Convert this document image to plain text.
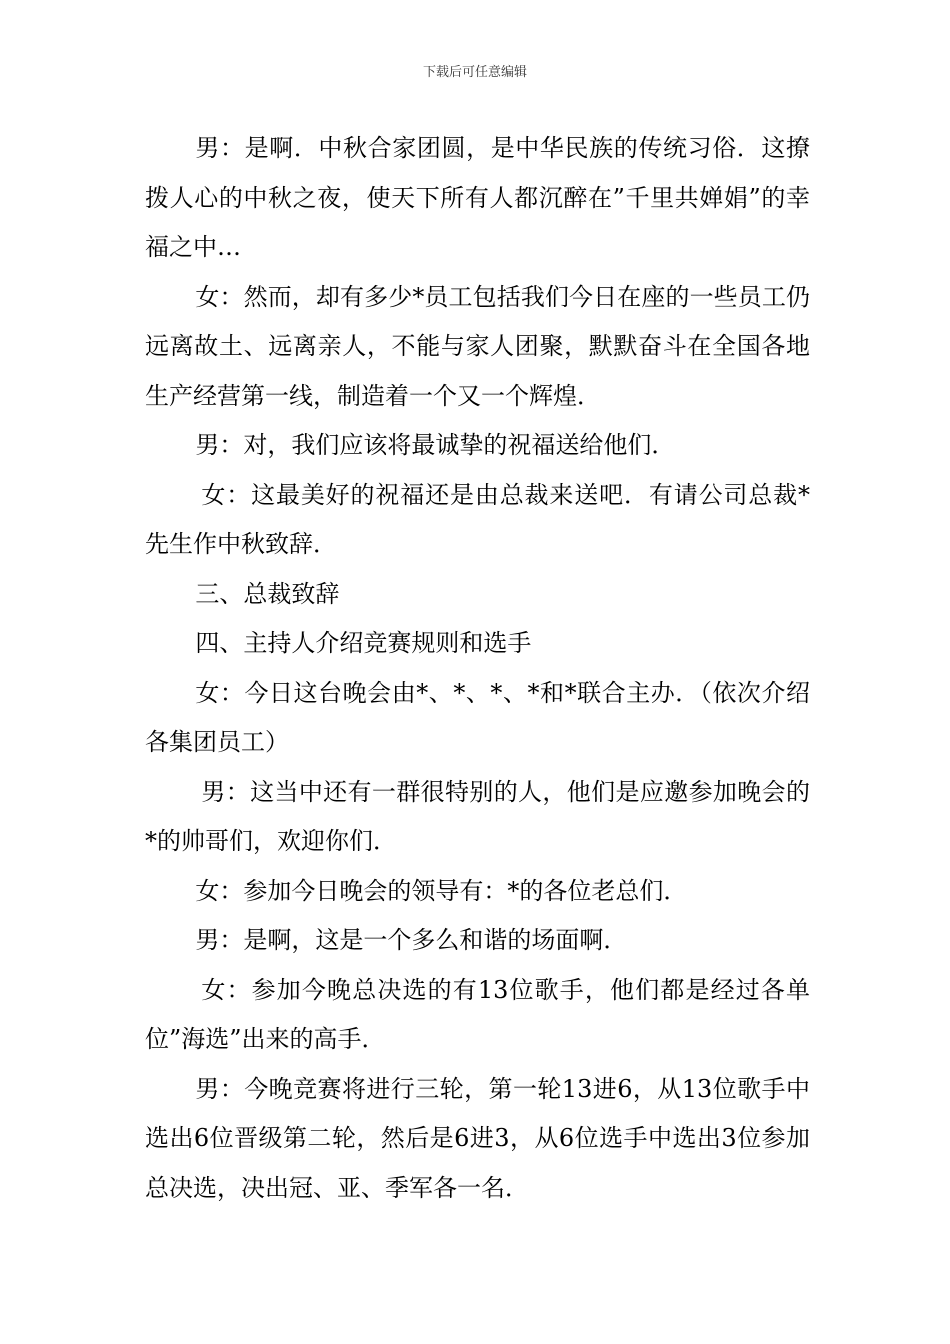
下载后可任意编辑

男：是啊．中秋合家团圆，是中华民族的传统习俗．这撩拨人心的中秋之夜，使天下所有人都沉醉在”千里共婵娟”的幸福之中…

女：然而，却有多少*员工包括我们今日在座的一些员工仍远离故土、远离亲人，不能与家人团聚，默默奋斗在全国各地生产经营第一线，制造着一个又一个辉煌．

男：对，我们应该将最诚挚的祝福送给他们．

女：这最美好的祝福还是由总裁来送吧．有请公司总裁*先生作中秋致辞．

三、总裁致辞

四、主持人介绍竞赛规则和选手

女：今日这台晚会由*、*、*、*和*联合主办．（依次介绍各集团员工）

男：这当中还有一群很特别的人，他们是应邀参加晚会的*的帅哥们，欢迎你们．

女：参加今日晚会的领导有：*的各位老总们．

男：是啊，这是一个多么和谐的场面啊．

女：参加今晚总决选的有13位歌手，他们都是经过各单位”海选”出来的高手．

男：今晚竞赛将进行三轮，第一轮13进6，从13位歌手中选出6位晋级第二轮，然后是6进3，从6位选手中选出3位参加总决选，决出冠、亚、季军各一名．
